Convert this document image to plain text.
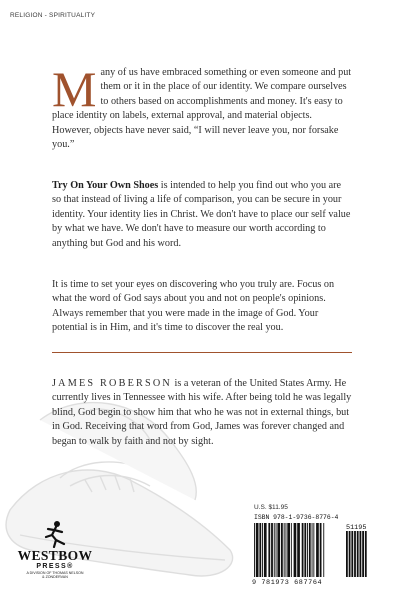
RELIGION - SPIRITUALITY
Many of us have embraced something or even someone and put them or it in the place of our identity. We compare ourselves to others based on accomplishments and money. It's easy to place identity on labels, external approval, and material objects. However, objects have never said, “I will never leave you, nor forsake you.”
Try On Your Own Shoes is intended to help you find out who you are so that instead of living a life of comparison, you can be secure in your identity. Your identity lies in Christ. We don't have to place our self value by what we have. We don't have to measure our worth according to anything but God and his word.
It is time to set your eyes on discovering who you truly are. Focus on what the word of God says about you and not on people's opinions. Always remember that you were made in the image of God. Your potential is in Him, and it's time to discover the real you.
JAMES ROBERSON is a veteran of the United States Army. He currently lives in Tennessee with his wife. After being told he was legally blind, God begin to show him that who he was not in external things, but in God. Receiving that word from God, James was forever changed and began to walk by faith and not by sight.
U.S. $11.95
ISBN 978-1-9736-8776-4
51195
9 781973 687764
WESTBOW
PRESS®
A DIVISION OF THOMAS NELSON
& ZONDERVAN
